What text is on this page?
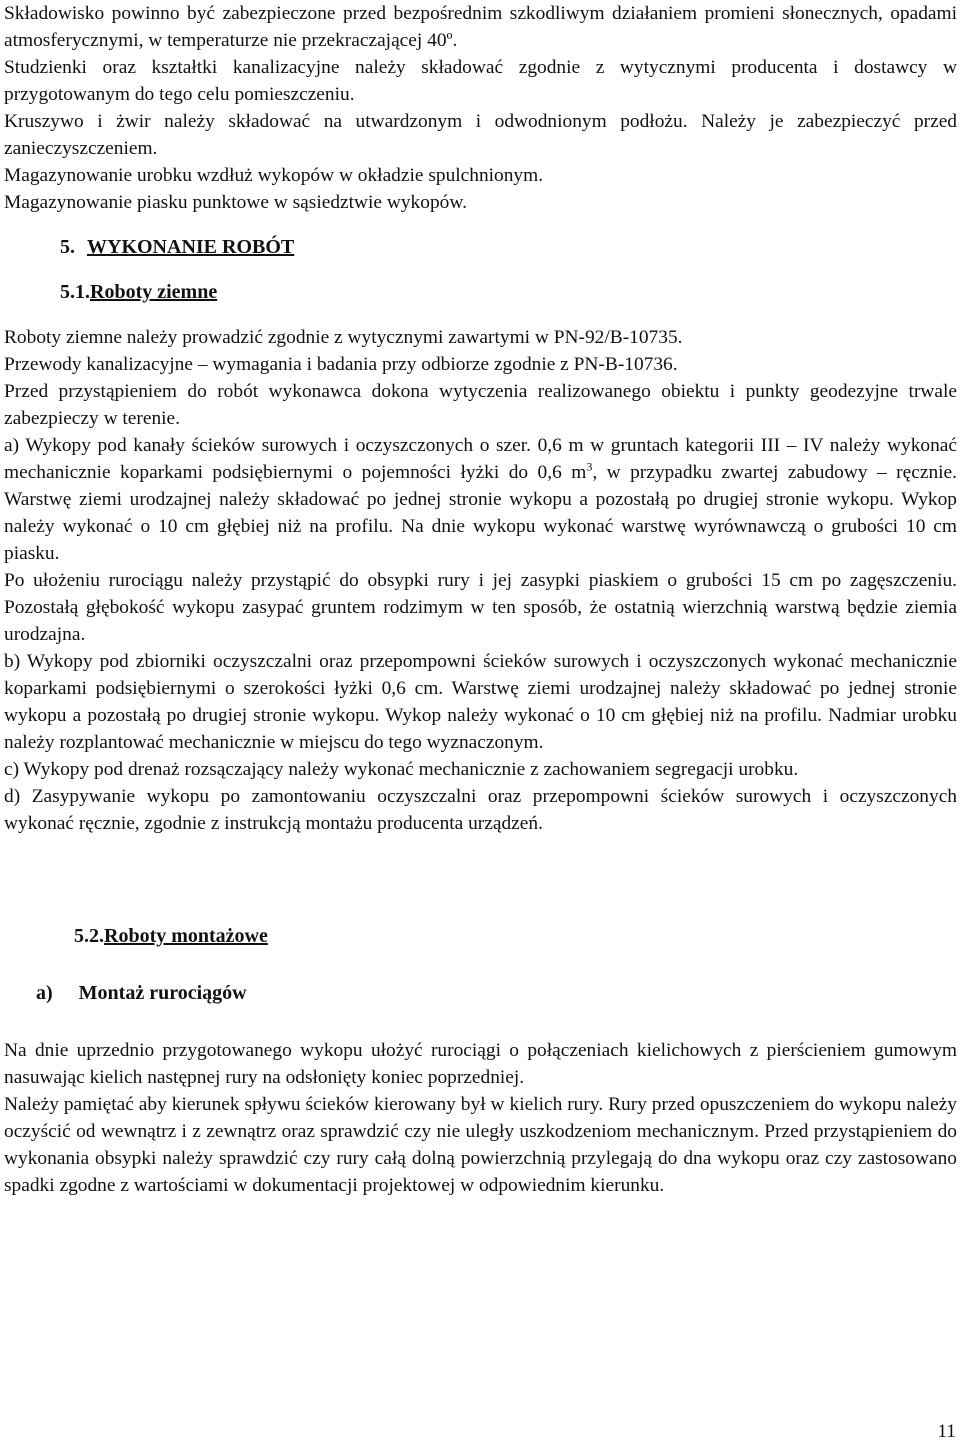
Składowisko powinno być zabezpieczone przed bezpośrednim szkodliwym działaniem promieni słonecznych, opadami atmosferycznymi, w temperaturze nie przekraczającej 40º.

Studzienki oraz kształtki kanalizacyjne należy składować zgodnie z wytycznymi producenta i dostawcy w przygotowanym do tego celu pomieszczeniu.

Kruszywo i żwir należy składować na utwardzonym i odwodnionym podłożu. Należy je zabezpieczyć przed zanieczyszczeniem.

Magazynowanie urobku wzdłuż wykopów w okładzie spulchnionym.

Magazynowanie piasku punktowe w sąsiedztwie wykopów.

5. WYKONANIE ROBÓT
5.1.Roboty ziemne

Roboty ziemne należy prowadzić zgodnie z wytycznymi zawartymi w PN-92/B-10735.

Przewody kanalizacyjne – wymagania i badania przy odbiorze zgodnie z PN-B-10736.

Przed przystąpieniem do robót wykonawca dokona wytyczenia realizowanego obiektu i punkty geodezyjne trwale zabezpieczy w terenie.

a) Wykopy pod kanały ścieków surowych i oczyszczonych o szer. 0,6 m w gruntach kategorii III – IV należy wykonać mechanicznie koparkami podsiębiernymi o pojemności łyżki do 0,6 $m^3$, w przypadku zwartej zabudowy – ręcznie. Warstwę ziemi urodzajnej należy składować po jednej stronie wykopu a pozostałą po drugiej stronie wykopu. Wykop należy wykonać o 10 cm głębiej niż na profilu. Na dnie wykopu wykonać warstwę wyrównawczą o grubości 10 cm piasku.

Po ułożeniu rurociągu należy przystąpić do obsypki rury i jej zasypki piaskiem o grubości 15 cm po zagęszczeniu. Pozostałą głębokość wykopu zasypać gruntem rodzimym w ten sposób, że ostatnią wierzchnią warstwą będzie ziemia urodzajna.

b) Wykopy pod zbiorniki oczyszczalni oraz przepompowni ścieków surowych i oczyszczonych wykonać mechanicznie koparkami podsiębiernymi o szerokości łyżki 0,6 cm. Warstwę ziemi urodzajnej należy składować po jednej stronie wykopu a pozostałą po drugiej stronie wykopu. Wykop należy wykonać o 10 cm głębiej niż na profilu. Nadmiar urobku należy rozplantować mechanicznie w miejscu do tego wyznaczonym.

c) Wykopy pod drenaż rozsączający należy wykonać mechanicznie z zachowaniem segregacji urobku.

d) Zasypywanie wykopu po zamontowaniu oczyszczalni oraz przepompowni ścieków surowych i oczyszczonych wykonać ręcznie, zgodnie z instrukcją montażu producenta urządzeń.

5.2.Roboty montażowe
a) Montaż rurociągów

Na dnie uprzednio przygotowanego wykopu ułożyć rurociągi o połączeniach kielichowych z pierścieniem gumowym nasuwając kielich następnej rury na odsłonięty koniec poprzedniej.

Należy pamiętać aby kierunek spływu ścieków kierowany był w kielich rury. Rury przed opuszczeniem do wykopu należy oczyścić od wewnątrz i z zewnątrz oraz sprawdzić czy nie uległy uszkodzeniom mechanicznym. Przed przystąpieniem do wykonania obsypki należy sprawdzić czy rury całą dolną powierzchnią przylegają do dna wykopu oraz czy zastosowano spadki zgodne z wartościami w dokumentacji projektowej w odpowiednim kierunku.

11
